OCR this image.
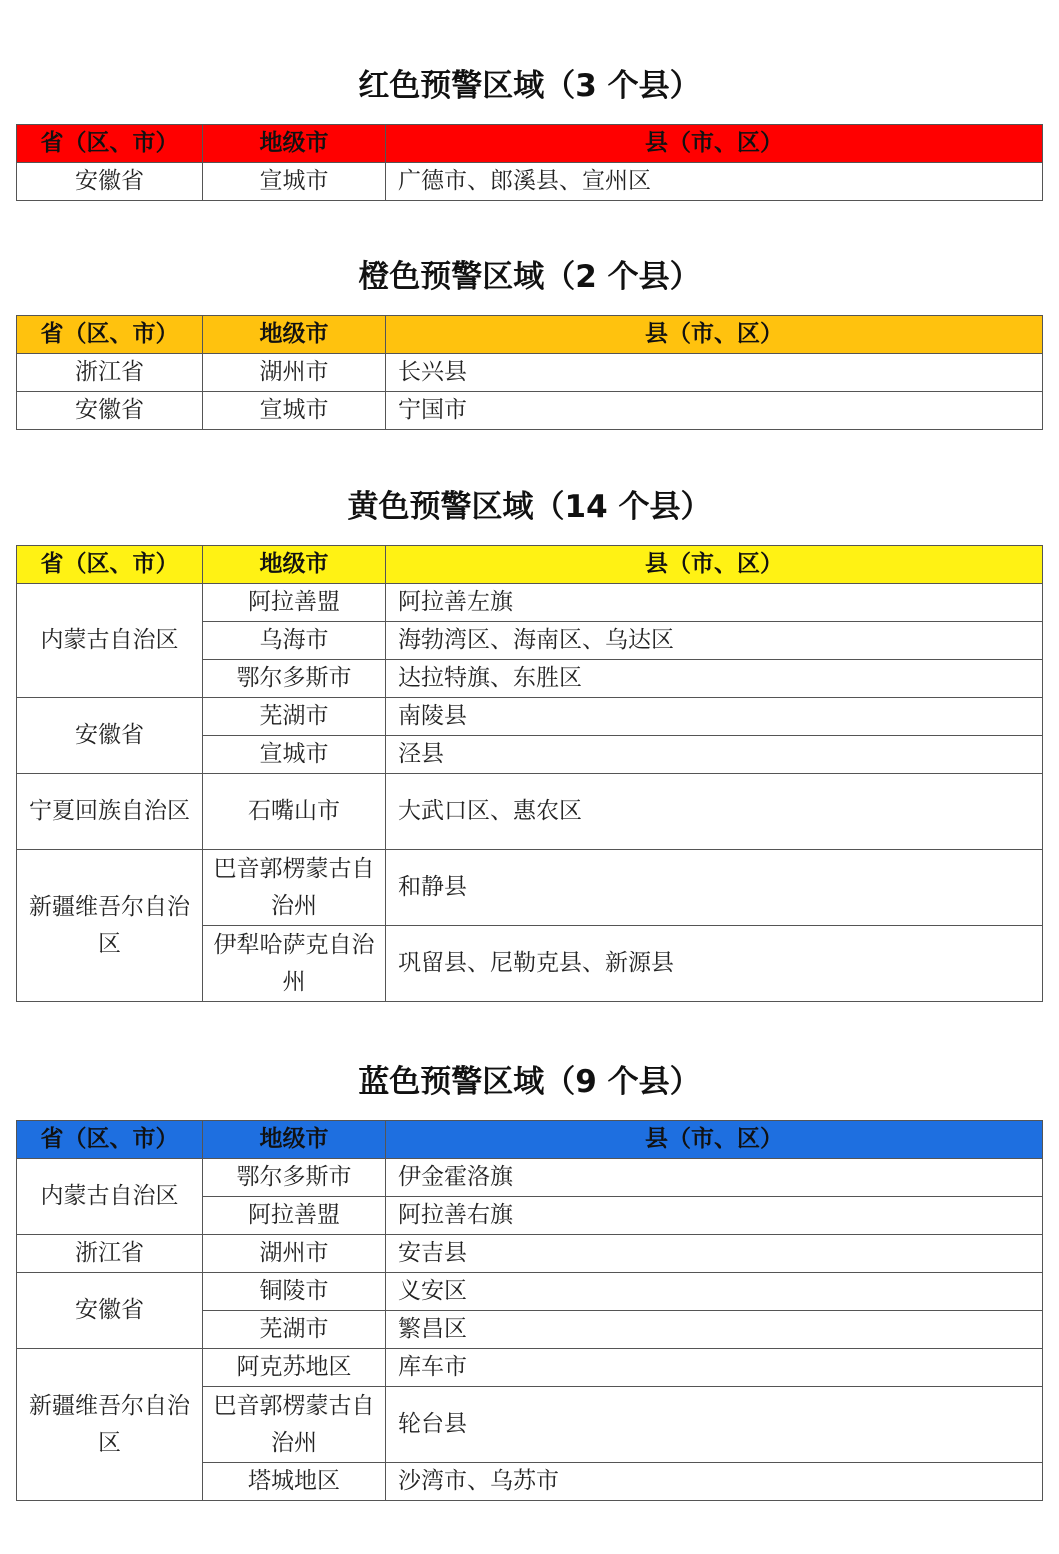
红色预警区域（3 个县）
省（区、市）	地级市	县（市、区）
安徽省	宣城市	广德市、郎溪县、宣州区
橙色预警区域（2 个县）
省（区、市）	地级市	县（市、区）
浙江省	湖州市	长兴县
安徽省	宣城市	宁国市
黄色预警区域（14 个县）
省（区、市）	地级市	县（市、区）
内蒙古自治区	阿拉善盟	阿拉善左旗
	乌海市	海勃湾区、海南区、乌达区
	鄂尔多斯市	达拉特旗、东胜区
安徽省	芜湖市	南陵县
	宣城市	泾县
宁夏回族自治区	石嘴山市	大武口区、惠农区
新疆维吾尔自治区	巴音郭楞蒙古自治州	和静县
	伊犁哈萨克自治州	巩留县、尼勒克县、新源县
蓝色预警区域（9 个县）
省（区、市）	地级市	县（市、区）
内蒙古自治区	鄂尔多斯市	伊金霍洛旗
	阿拉善盟	阿拉善右旗
浙江省	湖州市	安吉县
安徽省	铜陵市	义安区
	芜湖市	繁昌区
新疆维吾尔自治区	阿克苏地区	库车市
	巴音郭楞蒙古自治州	轮台县
	塔城地区	沙湾市、乌苏市
